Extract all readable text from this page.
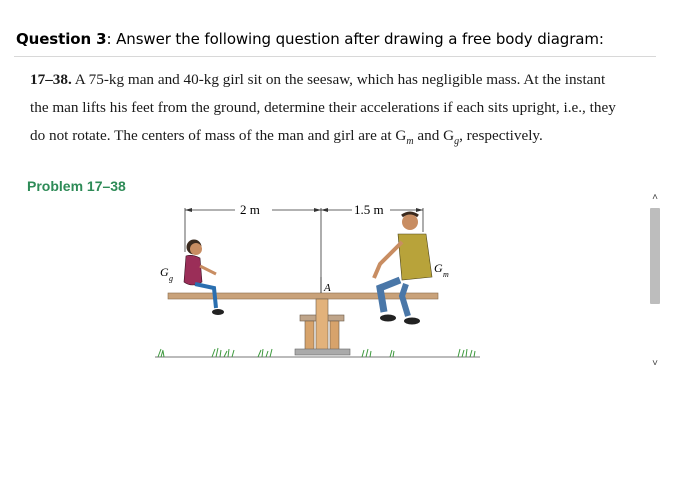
Question 3: Answer the following question after drawing a free body diagram:
17–38. A 75-kg man and 40-kg girl sit on the seesaw, which has negligible mass. At the instant
the man lifts his feet from the ground, determine their accelerations if each sits upright, i.e., they
do not rotate. The centers of mass of the man and girl are at $G_m$ and $G_g$, respectively.
Problem 17–38
2 m	1.5 m
A
G g
G m
˄
˅
